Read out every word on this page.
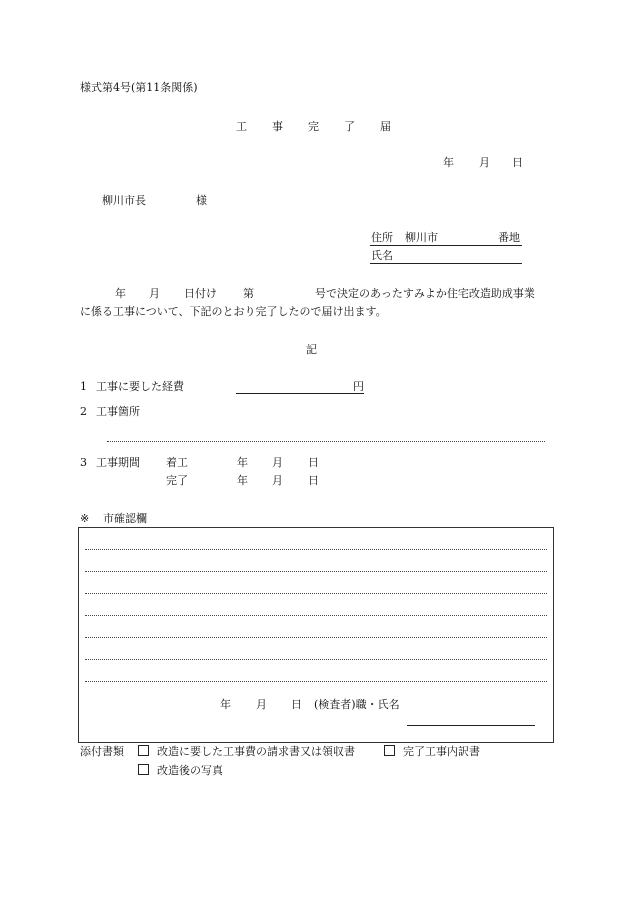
様式第4号(第11条関係)
工 事 完 了 届
年 月 日
柳川市長	様
住所 柳川市	番地
氏名
年 月 日付け 第	号で決定のあったすみよか住宅改造助成事業
に係る工事について、下記のとおり完了したので届け出ます。
記
1 工事に要した経費	円
2 工事箇所
3 工事期間 着工	年 月 日
完了	年 月 日
※ 市確認欄
年 月 日 (検査者)職・氏名
添付書類	改造に要した工事費の請求書又は領収書	完了工事内訳書
改造後の写真
